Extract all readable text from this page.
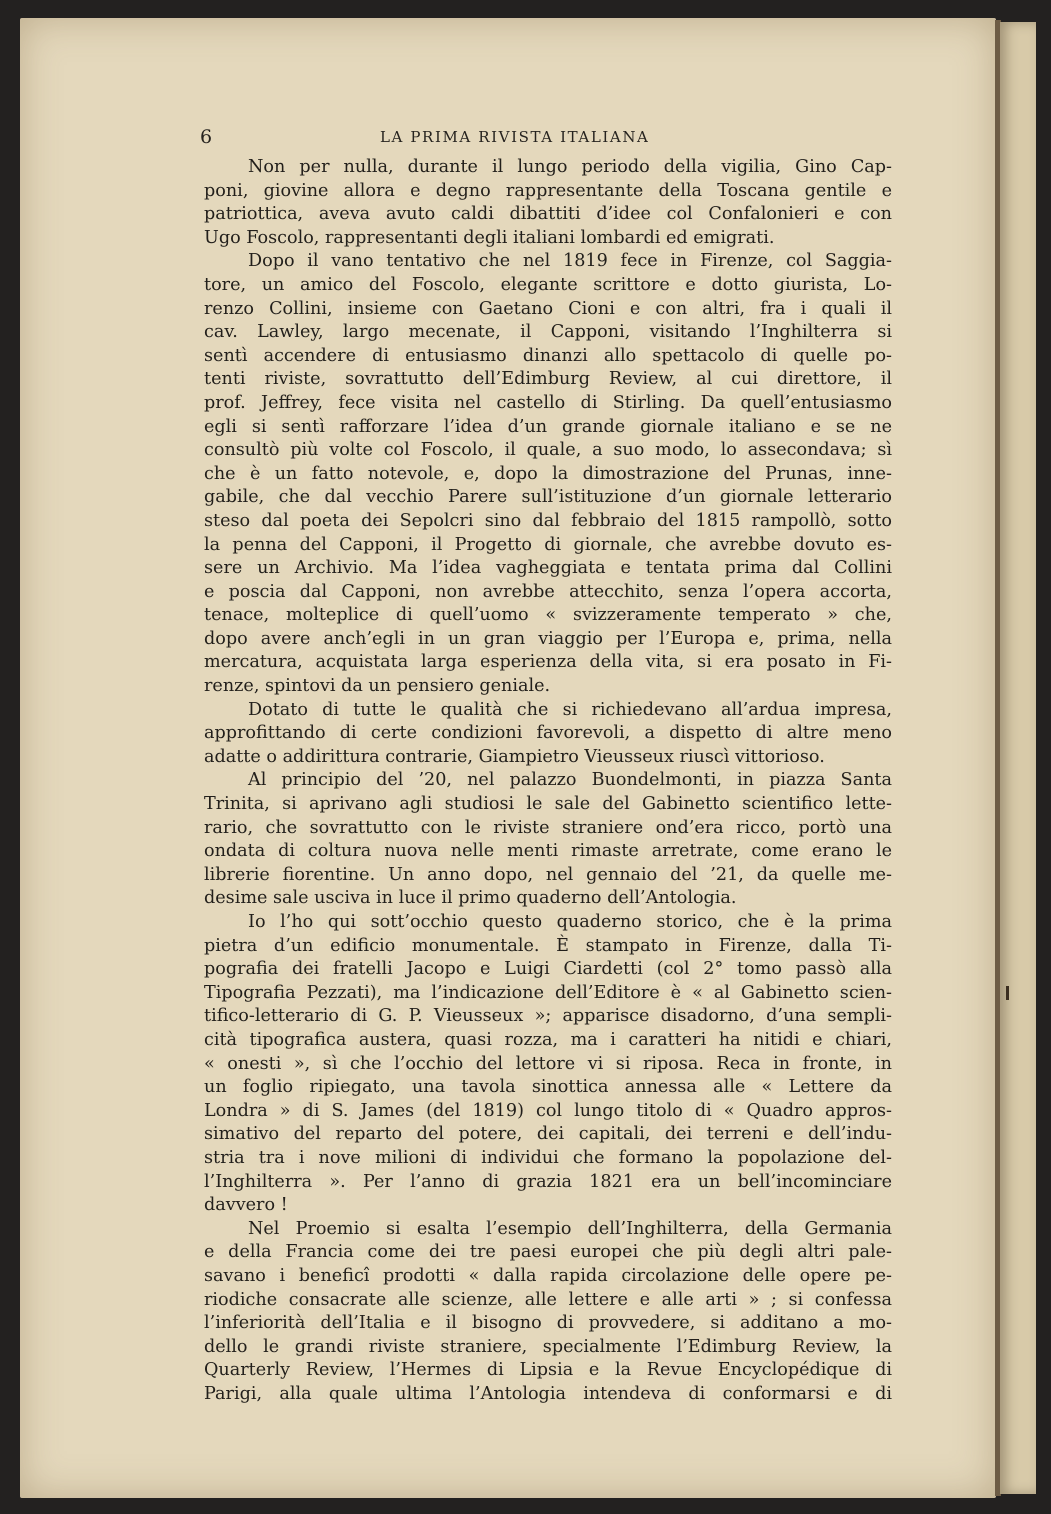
6	LA PRIMA RIVISTA ITALIANA
Non per nulla, durante il lungo periodo della vigilia, Gino Cap-
poni, giovine allora e degno rappresentante della Toscana gentile e
patriottica, aveva avuto caldi dibattiti d’idee col Confalonieri e con
Ugo Foscolo, rappresentanti degli italiani lombardi ed emigrati.
Dopo il vano tentativo che nel 1819 fece in Firenze, col Saggia-
tore, un amico del Foscolo, elegante scrittore e dotto giurista, Lo-
renzo Collini, insieme con Gaetano Cioni e con altri, fra i quali il
cav. Lawley, largo mecenate, il Capponi, visitando l’Inghilterra si
sentì accendere di entusiasmo dinanzi allo spettacolo di quelle po-
tenti riviste, sovrattutto dell’Edimburg Review, al cui direttore, il
prof. Jeffrey, fece visita nel castello di Stirling. Da quell’entusiasmo
egli si sentì rafforzare l’idea d’un grande giornale italiano e se ne
consultò più volte col Foscolo, il quale, a suo modo, lo assecondava; sì
che è un fatto notevole, e, dopo la dimostrazione del Prunas, inne-
gabile, che dal vecchio Parere sull’istituzione d’un giornale letterario
steso dal poeta dei Sepolcri sino dal febbraio del 1815 rampollò, sotto
la penna del Capponi, il Progetto di giornale, che avrebbe dovuto es-
sere un Archivio. Ma l’idea vagheggiata e tentata prima dal Collini
e poscia dal Capponi, non avrebbe attecchito, senza l’opera accorta,
tenace, molteplice di quell’uomo « svizzeramente temperato » che,
dopo avere anch’egli in un gran viaggio per l’Europa e, prima, nella
mercatura, acquistata larga esperienza della vita, si era posato in Fi-
renze, spintovi da un pensiero geniale.
Dotato di tutte le qualità che si richiedevano all’ardua impresa,
approfittando di certe condizioni favorevoli, a dispetto di altre meno
adatte o addirittura contrarie, Giampietro Vieusseux riuscì vittorioso.
Al principio del ’20, nel palazzo Buondelmonti, in piazza Santa
Trinita, si aprivano agli studiosi le sale del Gabinetto scientifico lette-
rario, che sovrattutto con le riviste straniere ond’era ricco, portò una
ondata di coltura nuova nelle menti rimaste arretrate, come erano le
librerie fiorentine. Un anno dopo, nel gennaio del ’21, da quelle me-
desime sale usciva in luce il primo quaderno dell’Antologia.
Io l’ho qui sott’occhio questo quaderno storico, che è la prima
pietra d’un edificio monumentale. È stampato in Firenze, dalla Ti-
pografia dei fratelli Jacopo e Luigi Ciardetti (col 2° tomo passò alla
Tipografia Pezzati), ma l’indicazione dell’Editore è « al Gabinetto scien-
tifico-letterario di G. P. Vieusseux »; apparisce disadorno, d’una sempli-
cità tipografica austera, quasi rozza, ma i caratteri ha nitidi e chiari,
« onesti », sì che l’occhio del lettore vi si riposa. Reca in fronte, in
un foglio ripiegato, una tavola sinottica annessa alle « Lettere da
Londra » di S. James (del 1819) col lungo titolo di « Quadro appros-
simativo del reparto del potere, dei capitali, dei terreni e dell’indu-
stria tra i nove milioni di individui che formano la popolazione del-
l’Inghilterra ». Per l’anno di grazia 1821 era un bell’incominciare
davvero !
Nel Proemio si esalta l’esempio dell’Inghilterra, della Germania
e della Francia come dei tre paesi europei che più degli altri pale-
savano i beneficî prodotti « dalla rapida circolazione delle opere pe-
riodiche consacrate alle scienze, alle lettere e alle arti » ; si confessa
l’inferiorità dell’Italia e il bisogno di provvedere, si additano a mo-
dello le grandi riviste straniere, specialmente l’Edimburg Review, la
Quarterly Review, l’Hermes di Lipsia e la Revue Encyclopédique di
Parigi, alla quale ultima l’Antologia intendeva di conformarsi e di
